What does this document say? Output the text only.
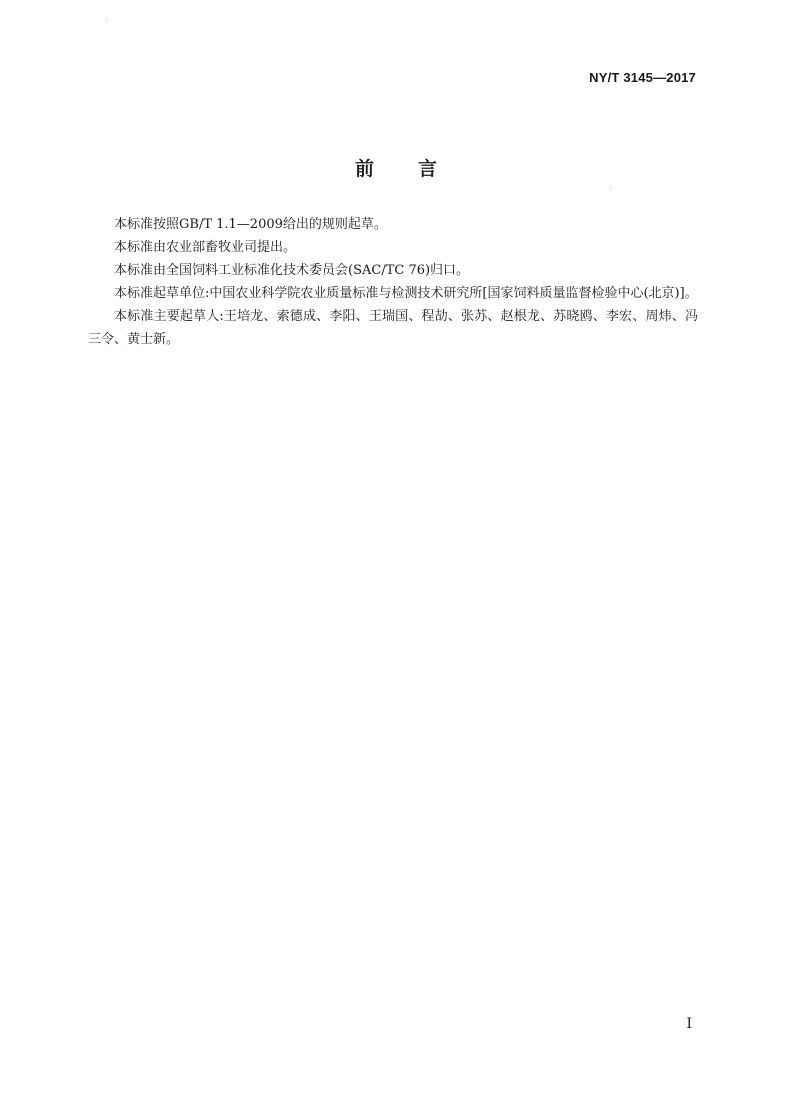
NY/T 3145—2017
前言

本标准按照GB/T 1.1—2009给出的规则起草。

本标准由农业部畜牧业司提出。

本标准由全国饲料工业标准化技术委员会(SAC/TC 76)归口。

本标准起草单位:中国农业科学院农业质量标准与检测技术研究所[国家饲料质量监督检验中心(北京)]。

本标准主要起草人:王培龙、索德成、李阳、王瑞国、程劼、张苏、赵根龙、苏晓鸥、李宏、周炜、冯三令、黄士新。

I
